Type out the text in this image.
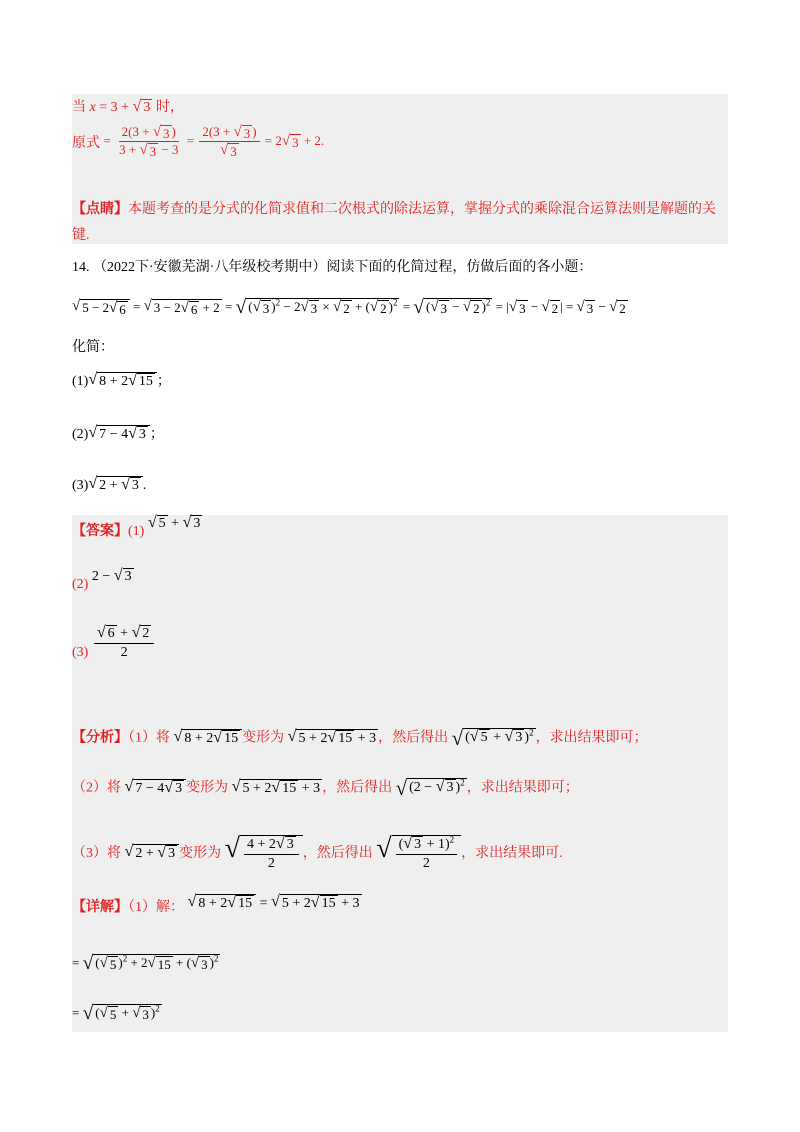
当 x = 3 + √ 3 时，
原式 = $\frac{2(3 + √ 3 )}{3 + √ 3 - 3} = \frac{2(3 + √ 3 )}{√ 3} = 2$ √ 3 + 2.
【点睛】本题考查的是分式的化简求值和二次根式的除法运算，掌握分式的乘除混合运算法则是解题的关
键.
14. （2022下·安徽芜湖·八年级校考期中）阅读下面的化简过程，仿做后面的各小题：
√ 5 − 2 √ 6 = √ 3 − 2 √ 6 + 2 = √ ( √ 3 )$^2$ − 2 √ 3 × √ 2 + ( √ 2 )$^2$ = √ ( √ 3 − √ 2 )$^2$ = | √ 3 − √ 2 | = √ 3 − √ 2
化简：
(1) √ 8 + 2 √ 15 ；
(2) √ 7 − 4 √ 3 ；
(3) √ 2 + √ 3 .
【答案】(1)
√ 5 + √ 3
(2) 2 − √ 3
$(3) \frac{√ 6 + √ 2}{2}$
【分析】（1）将 √ 8 + 2 √ 15 变形为 √ 5 + 2 √ 15 + 3 ，然后得出 √ ( √ 5 + √ 3 )$^2$ ，求出结果即可；
（2）将 √ 7 − 4 √ 3 变形为 √ 5 + 2 √ 15 + 3 ，然后得出 √ (2 − √ 3 )$^2$ ，求出结果即可；
（3）将 √ 2 + √ 3 变形为 √ $\frac{4 + 2 √ 3}{2}$ ，然后得出 √ $\frac{( √ 3 + 1)^2}{2}$ ，求出结果即可.
【详解】（1）解： √ 8 + 2 √ 15 = √ 5 + 2 √ 15 + 3
= √ ( √ 5 )$^2$ + 2 √ 15 + ( √ 3 )$^2$
= √ ( √ 5 + √ 3 )$^2$
